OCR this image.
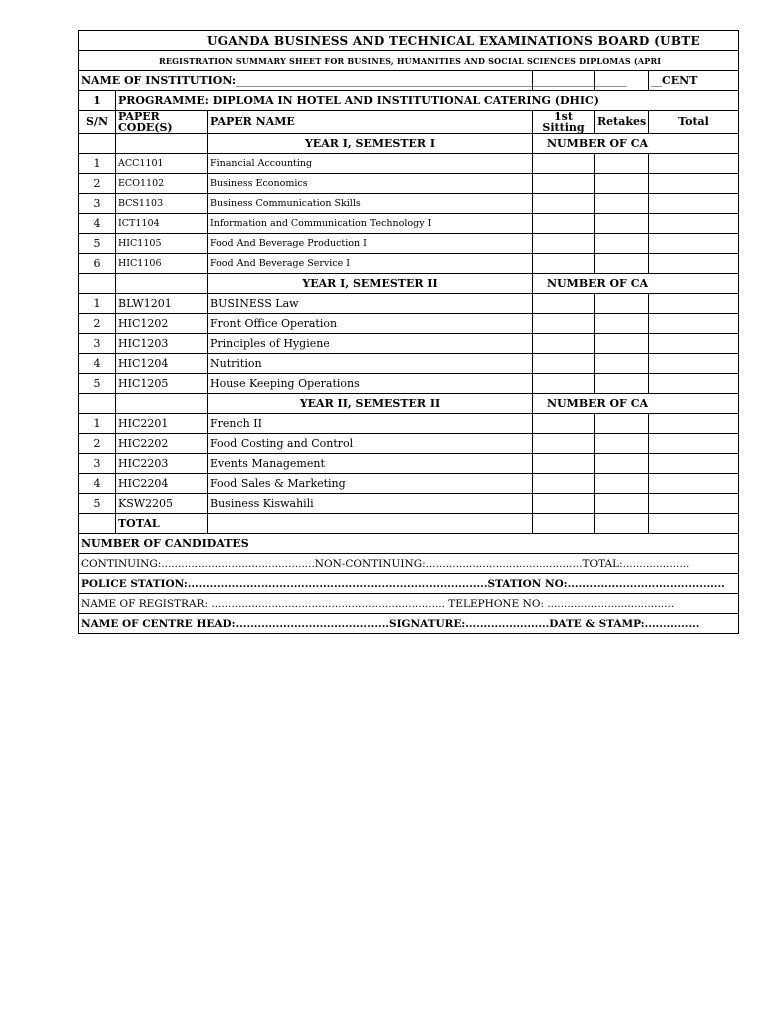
UGANDA BUSINESS AND TECHNICAL EXAMINATIONS BOARD (UBTE					
REGISTRATION SUMMARY SHEET FOR BUSINES, HUMANITIES AND SOCIAL SCIENCES DIPLOMAS (APRI					
NAME OF INSTITUTION:_______________________________________________________________________					__CENT
1	PROGRAMME: DIPLOMA IN HOTEL AND INSTITUTIONAL CATERING (DHIC)				
S/N	PAPER CODE(S)	PAPER NAME	1st Sitting	Retakes	Total
		YEAR I, SEMESTER I	NUMBER OF CA		
1	ACC1101	Financial Accounting			
2	ECO1102	Business Economics			
3	BCS1103	Business Communication Skills			
4	ICT1104	Information and Communication Technology I			
5	HIC1105	Food And Beverage Production I			
6	HIC1106	Food And Beverage Service I			
		YEAR I, SEMESTER II	NUMBER OF CA		
1	BLW1201	BUSINESS Law			
2	HIC1202	Front Office Operation			
3	HIC1203	Principles of Hygiene			
4	HIC1204	Nutrition			
5	HIC1205	House Keeping Operations			
		YEAR II, SEMESTER II	NUMBER OF CA		
1	HIC2201	French II			
2	HIC2202	Food Costing and Control			
3	HIC2203	Events Management			
4	HIC2204	Food Sales & Marketing			
5	KSW2205	Business Kiswahili			
	TOTAL				
NUMBER OF CANDIDATES					
CONTINUING:..............................................NON-CONTINUING:...............................................TOTAL:....................					
POLICE STATION:..................................................................................STATION NO:...........................................					
NAME OF REGISTRAR: ...................................................................... TELEPHONE NO: ......................................					
NAME OF CENTRE HEAD:..........................................SIGNATURE:.......................DATE & STAMP:...............					
